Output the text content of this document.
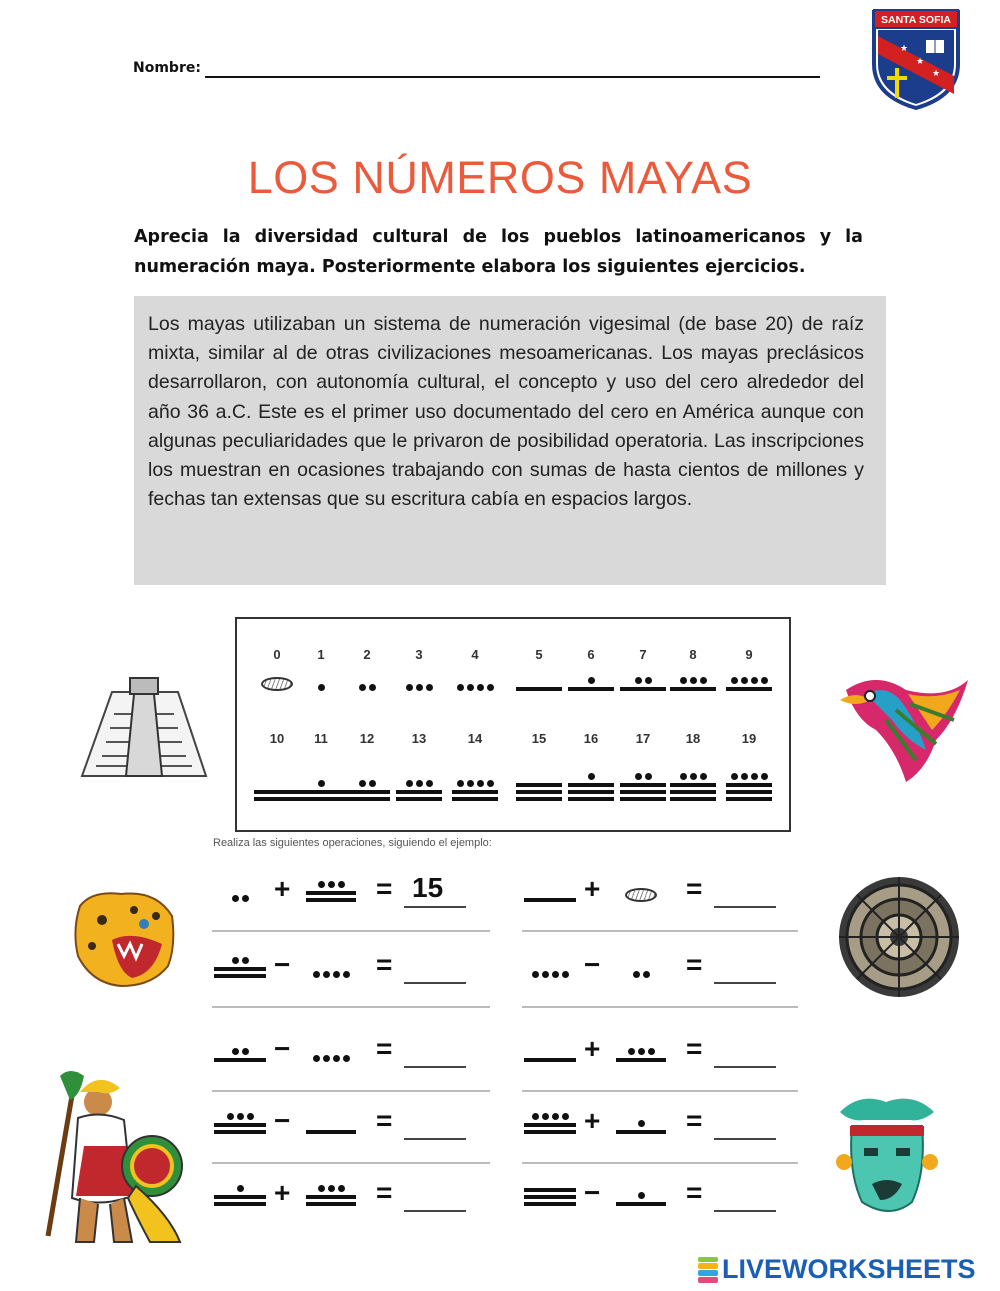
Nombre:
SANTA SOFIA
★
★
★
LOS NÚMEROS MAYAS
Aprecia la diversidad cultural de los pueblos latinoamericanos y la numeración maya. Posteriormente elabora los siguientes ejercicios.
Los mayas utilizaban un sistema de numeración vigesimal (de base 20) de raíz mixta, similar al de otras civilizaciones mesoamericanas. Los mayas preclásicos desarrollaron, con autonomía cultural, el concepto y uso del cero alrededor del año 36 a.C. Este es el primer uso documentado del cero en América aunque con algunas peculiaridades que le privaron de posibilidad operatoria. Las inscripciones los muestran en ocasiones trabajando con sumas de hasta cientos de millones y fechas tan extensas que su escritura cabía en espacios largos.
0	1	2	3	4	5	6	7	8	9
10	11	12	13	14	15	16	17	18	19
Realiza las siguientes operaciones, siguiendo el ejemplo:
+	= 15
−	=
−	=
−	=
+	=
+	=
−	=
+	=
+	=
−	=
LIVEWORKSHEETS
